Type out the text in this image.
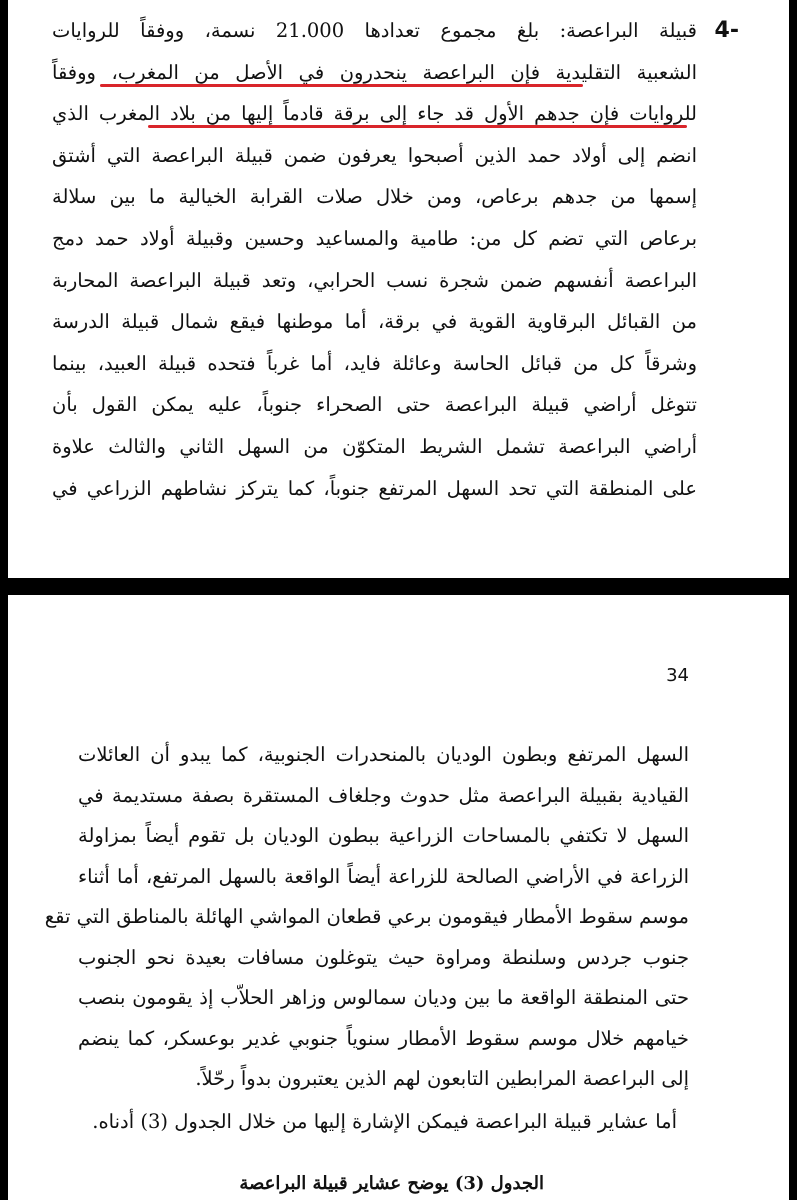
4-
قبيلة البراعصة: بلغ مجموع تعدادها 21.000 نسمة، ووفقاً للروايات
الشعبية التقليدية فإن البراعصة ينحدرون في الأصل من المغرب، ووفقاً
للروايات فإن جدهم الأول قد جاء إلى برقة قادماً إليها من بلاد المغرب الذي
انضم إلى أولاد حمد الذين أصبحوا يعرفون ضمن قبيلة البراعصة التي أشتق
إسمها من جدهم برعاص، ومن خلال صلات القرابة الخيالية ما بين سلالة
برعاص التي تضم كل من: طامية والمساعيد وحسين وقبيلة أولاد حمد دمج
البراعصة أنفسهم ضمن شجرة نسب الحرابي، وتعد قبيلة البراعصة المحاربة
من القبائل البرقاوية القوية في برقة، أما موطنها فيقع شمال قبيلة الدرسة
وشرقاً كل من قبائل الحاسة وعائلة فايد، أما غرباً فتحده قبيلة العبيد، بينما
تتوغل أراضي قبيلة البراعصة حتى الصحراء جنوباً، عليه يمكن القول بأن
أراضي البراعصة تشمل الشريط المتكوّن من السهل الثاني والثالث علاوة
على المنطقة التي تحد السهل المرتفع جنوباً، كما يتركز نشاطهم الزراعي في
34
السهل المرتفع وبطون الوديان بالمنحدرات الجنوبية، كما يبدو أن العائلات
القيادية بقبيلة البراعصة مثل حدوث وجلغاف المستقرة بصفة مستديمة في
السهل لا تكتفي بالمساحات الزراعية ببطون الوديان بل تقوم أيضاً بمزاولة
الزراعة في الأراضي الصالحة للزراعة أيضاً الواقعة بالسهل المرتفع، أما أثناء
موسم سقوط الأمطار فيقومون برعي قطعان المواشي الهائلة بالمناطق التي تقع
جنوب جردس وسلنطة ومراوة حيث يتوغلون مسافات بعيدة نحو الجنوب
حتى المنطقة الواقعة ما بين وديان سمالوس وزاهر الحلاّب إذ يقومون بنصب
خيامهم خلال موسم سقوط الأمطار سنوياً جنوبي غدير بوعسكر، كما ينضم
إلى البراعصة المرابطين التابعون لهم الذين يعتبرون بدواً رحّلاً.
أما عشاير قبيلة البراعصة فيمكن الإشارة إليها من خلال الجدول (3) أدناه.
الجدول (3) يوضح عشاير قبيلة البراعصة
